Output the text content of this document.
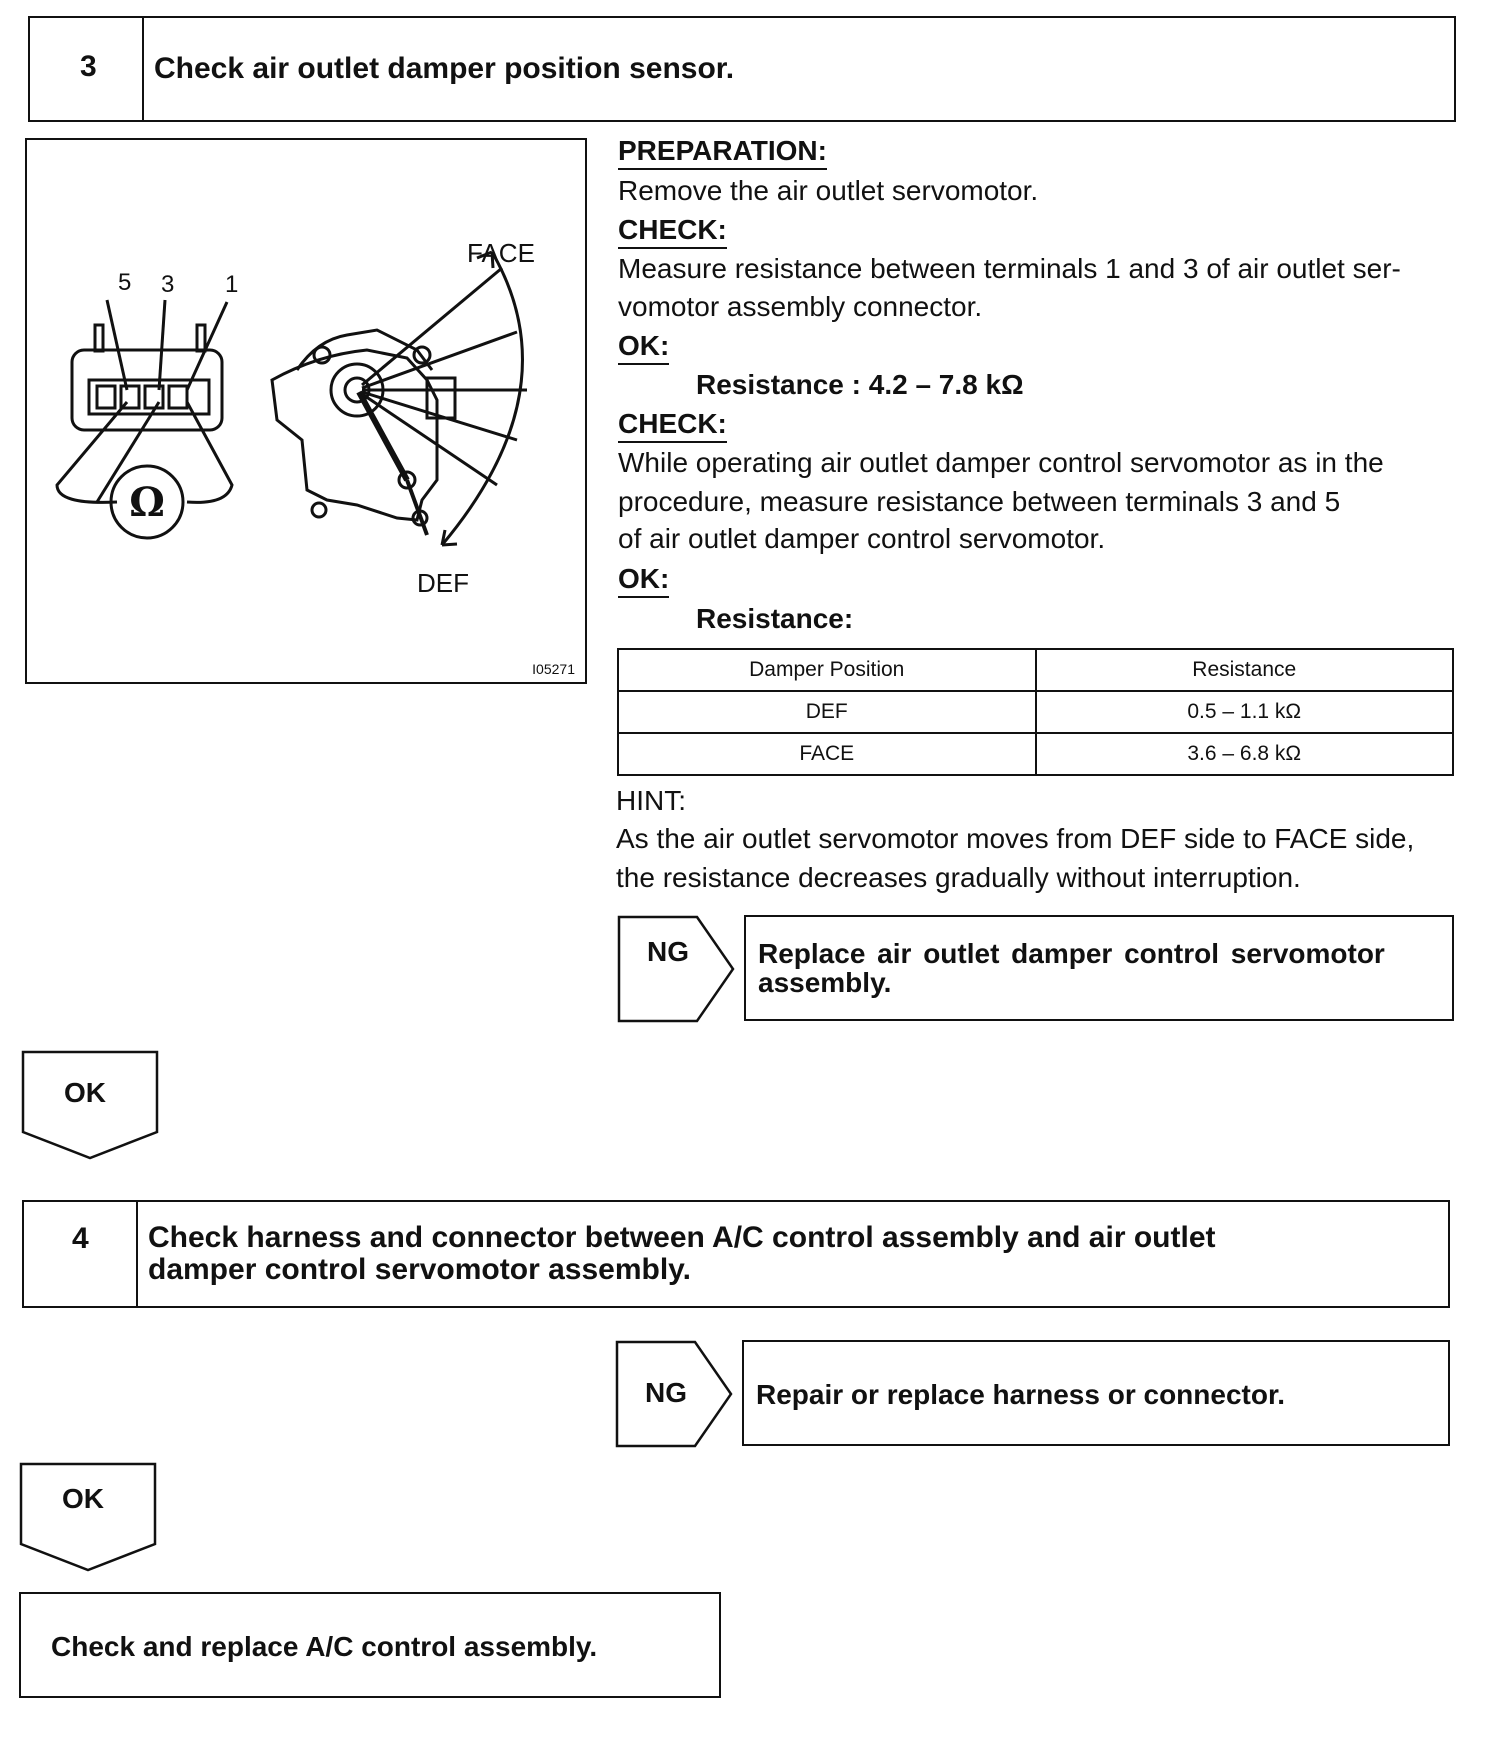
3 Check air outlet damper position sensor.
5 3 1
FACE
DEF
Ω
I05271
PREPARATION:
Remove the air outlet servomotor.
CHECK:
Measure resistance between terminals 1 and 3 of air outlet ser-
vomotor assembly connector.
OK:
Resistance : 4.2 – 7.8 kΩ
CHECK:
While operating air outlet damper control servomotor as in the
procedure, measure resistance between terminals 3 and 5
of air outlet damper control servomotor.
OK:
Resistance:
Damper Position	Resistance
DEF	0.5 – 1.1 kΩ
FACE	3.6 – 6.8 kΩ
HINT:
As the air outlet servomotor moves from DEF side to FACE side,
the resistance decreases gradually without interruption.
NG Replace air outlet damper control servomotor
assembly.
OK
4 Check harness and connector between A/C control assembly and air outlet
damper control servomotor assembly.
NG Repair or replace harness or connector.
OK
Check and replace A/C control assembly.
